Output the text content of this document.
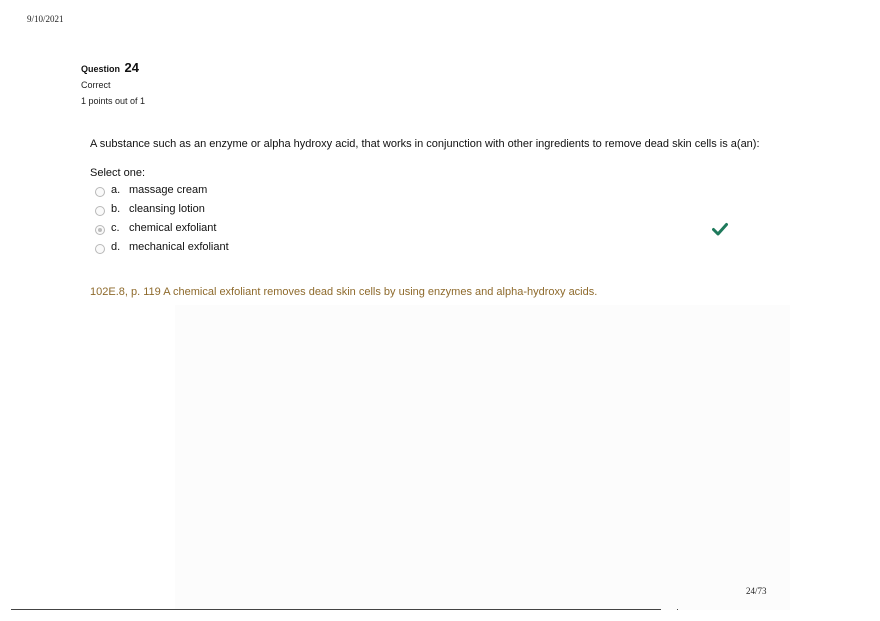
9/10/2021
Question 24
Correct
1 points out of 1
A substance such as an enzyme or alpha hydroxy acid, that works in conjunction with other ingredients to remove dead skin cells is a(an):
Select one:
a. massage cream
b. cleansing lotion
c. chemical exfoliant
d. mechanical exfoliant
102E.8, p. 119 A chemical exfoliant removes dead skin cells by using enzymes and alpha-hydroxy acids.
24/73
